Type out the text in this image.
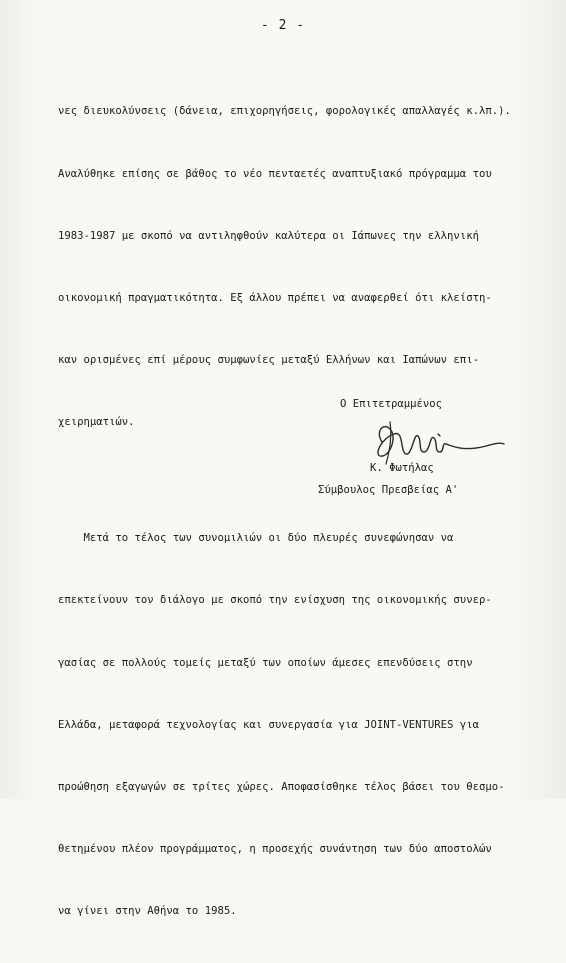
- 2 -

νες διευκολύνσεις (δάνεια, επιχορηγήσεις, φορολογικές απαλλαγές κ.λπ.).

Αναλύθηκε επίσης σε βάθος το νέο πενταετές αναπτυξιακό πρόγραμμα του

1983-1987 με σκοπό να αντιληφθούν καλύτερα οι Ιάπωνες την ελληνική

οικονομική πραγματικότητα. Εξ άλλου πρέπει να αναφερθεί ότι κλείστη-

καν ορισμένες επί μέρους συμφωνίες μεταξύ Ελλήνων και Ιαπώνων επι-

χειρηματιών.

Μετά το τέλος των συνομιλιών οι δύο πλευρές συνεφώνησαν να

επεκτείνουν τον διάλογο με σκοπό την ενίσχυση της οικονομικής συνερ-

γασίας σε πολλούς τομείς μεταξύ των οποίων άμεσες επενδύσεις στην

Ελλάδα, μεταφορά τεχνολογίας και συνεργασία για JOINT-VENTURES για

προώθηση εξαγωγών σε τρίτες χώρες. Αποφασίσθηκε τέλος βάσει του θεσμο-

θετημένου πλέον προγράμματος, η προσεχής συνάντηση των δύο αποστολών

να γίνει στην Αθήνα το 1985.

Ο Επιτετραμμένος
Κ. Φωτήλας
Σύμβουλος Πρεσβείας Α'
